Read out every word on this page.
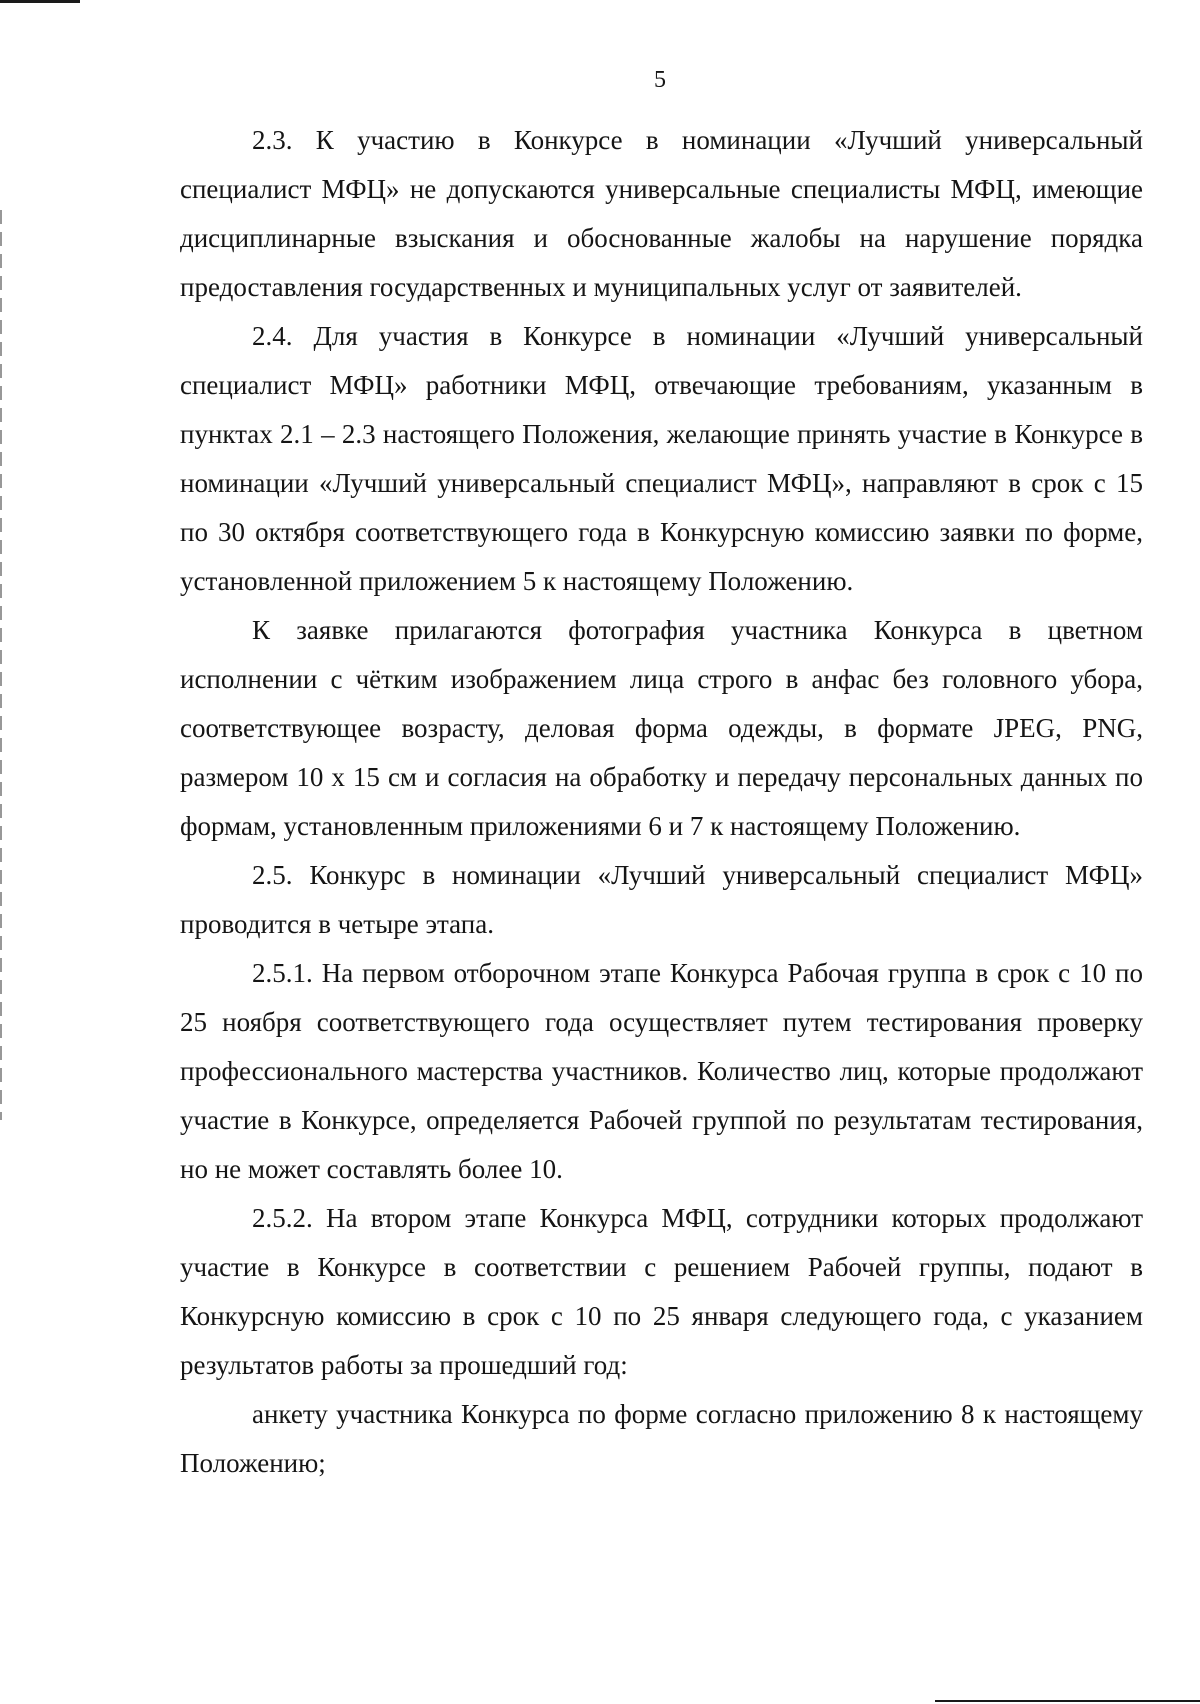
5

2.3. К участию в Конкурсе в номинации «Лучший универсальный специалист МФЦ» не допускаются универсальные специалисты МФЦ, имеющие дисциплинарные взыскания и обоснованные жалобы на нарушение порядка предоставления государственных и муниципальных услуг от заявителей.

2.4. Для участия в Конкурсе в номинации «Лучший универсальный специалист МФЦ» работники МФЦ, отвечающие требованиям, указанным в пунктах 2.1 – 2.3 настоящего Положения, желающие принять участие в Конкурсе в номинации «Лучший универсальный специалист МФЦ», направляют в срок с 15 по 30 октября соответствующего года в Конкурсную комиссию заявки по форме, установленной приложением 5 к настоящему Положению.

К заявке прилагаются фотография участника Конкурса в цветном исполнении с чётким изображением лица строго в анфас без головного убора, соответствующее возрасту, деловая форма одежды, в формате JPEG, PNG, размером 10 х 15 см и согласия на обработку и передачу персональных данных по формам, установленным приложениями 6 и 7 к настоящему Положению.

2.5. Конкурс в номинации «Лучший универсальный специалист МФЦ» проводится в четыре этапа.

2.5.1. На первом отборочном этапе Конкурса Рабочая группа в срок с 10 по 25 ноября соответствующего года осуществляет путем тестирования проверку профессионального мастерства участников. Количество лиц, которые продолжают участие в Конкурсе, определяется Рабочей группой по результатам тестирования, но не может составлять более 10.

2.5.2. На втором этапе Конкурса МФЦ, сотрудники которых продолжают участие в Конкурсе в соответствии с решением Рабочей группы, подают в Конкурсную комиссию в срок с 10 по 25 января следующего года, с указанием результатов работы за прошедший год:

анкету участника Конкурса по форме согласно приложению 8 к настоящему Положению;
